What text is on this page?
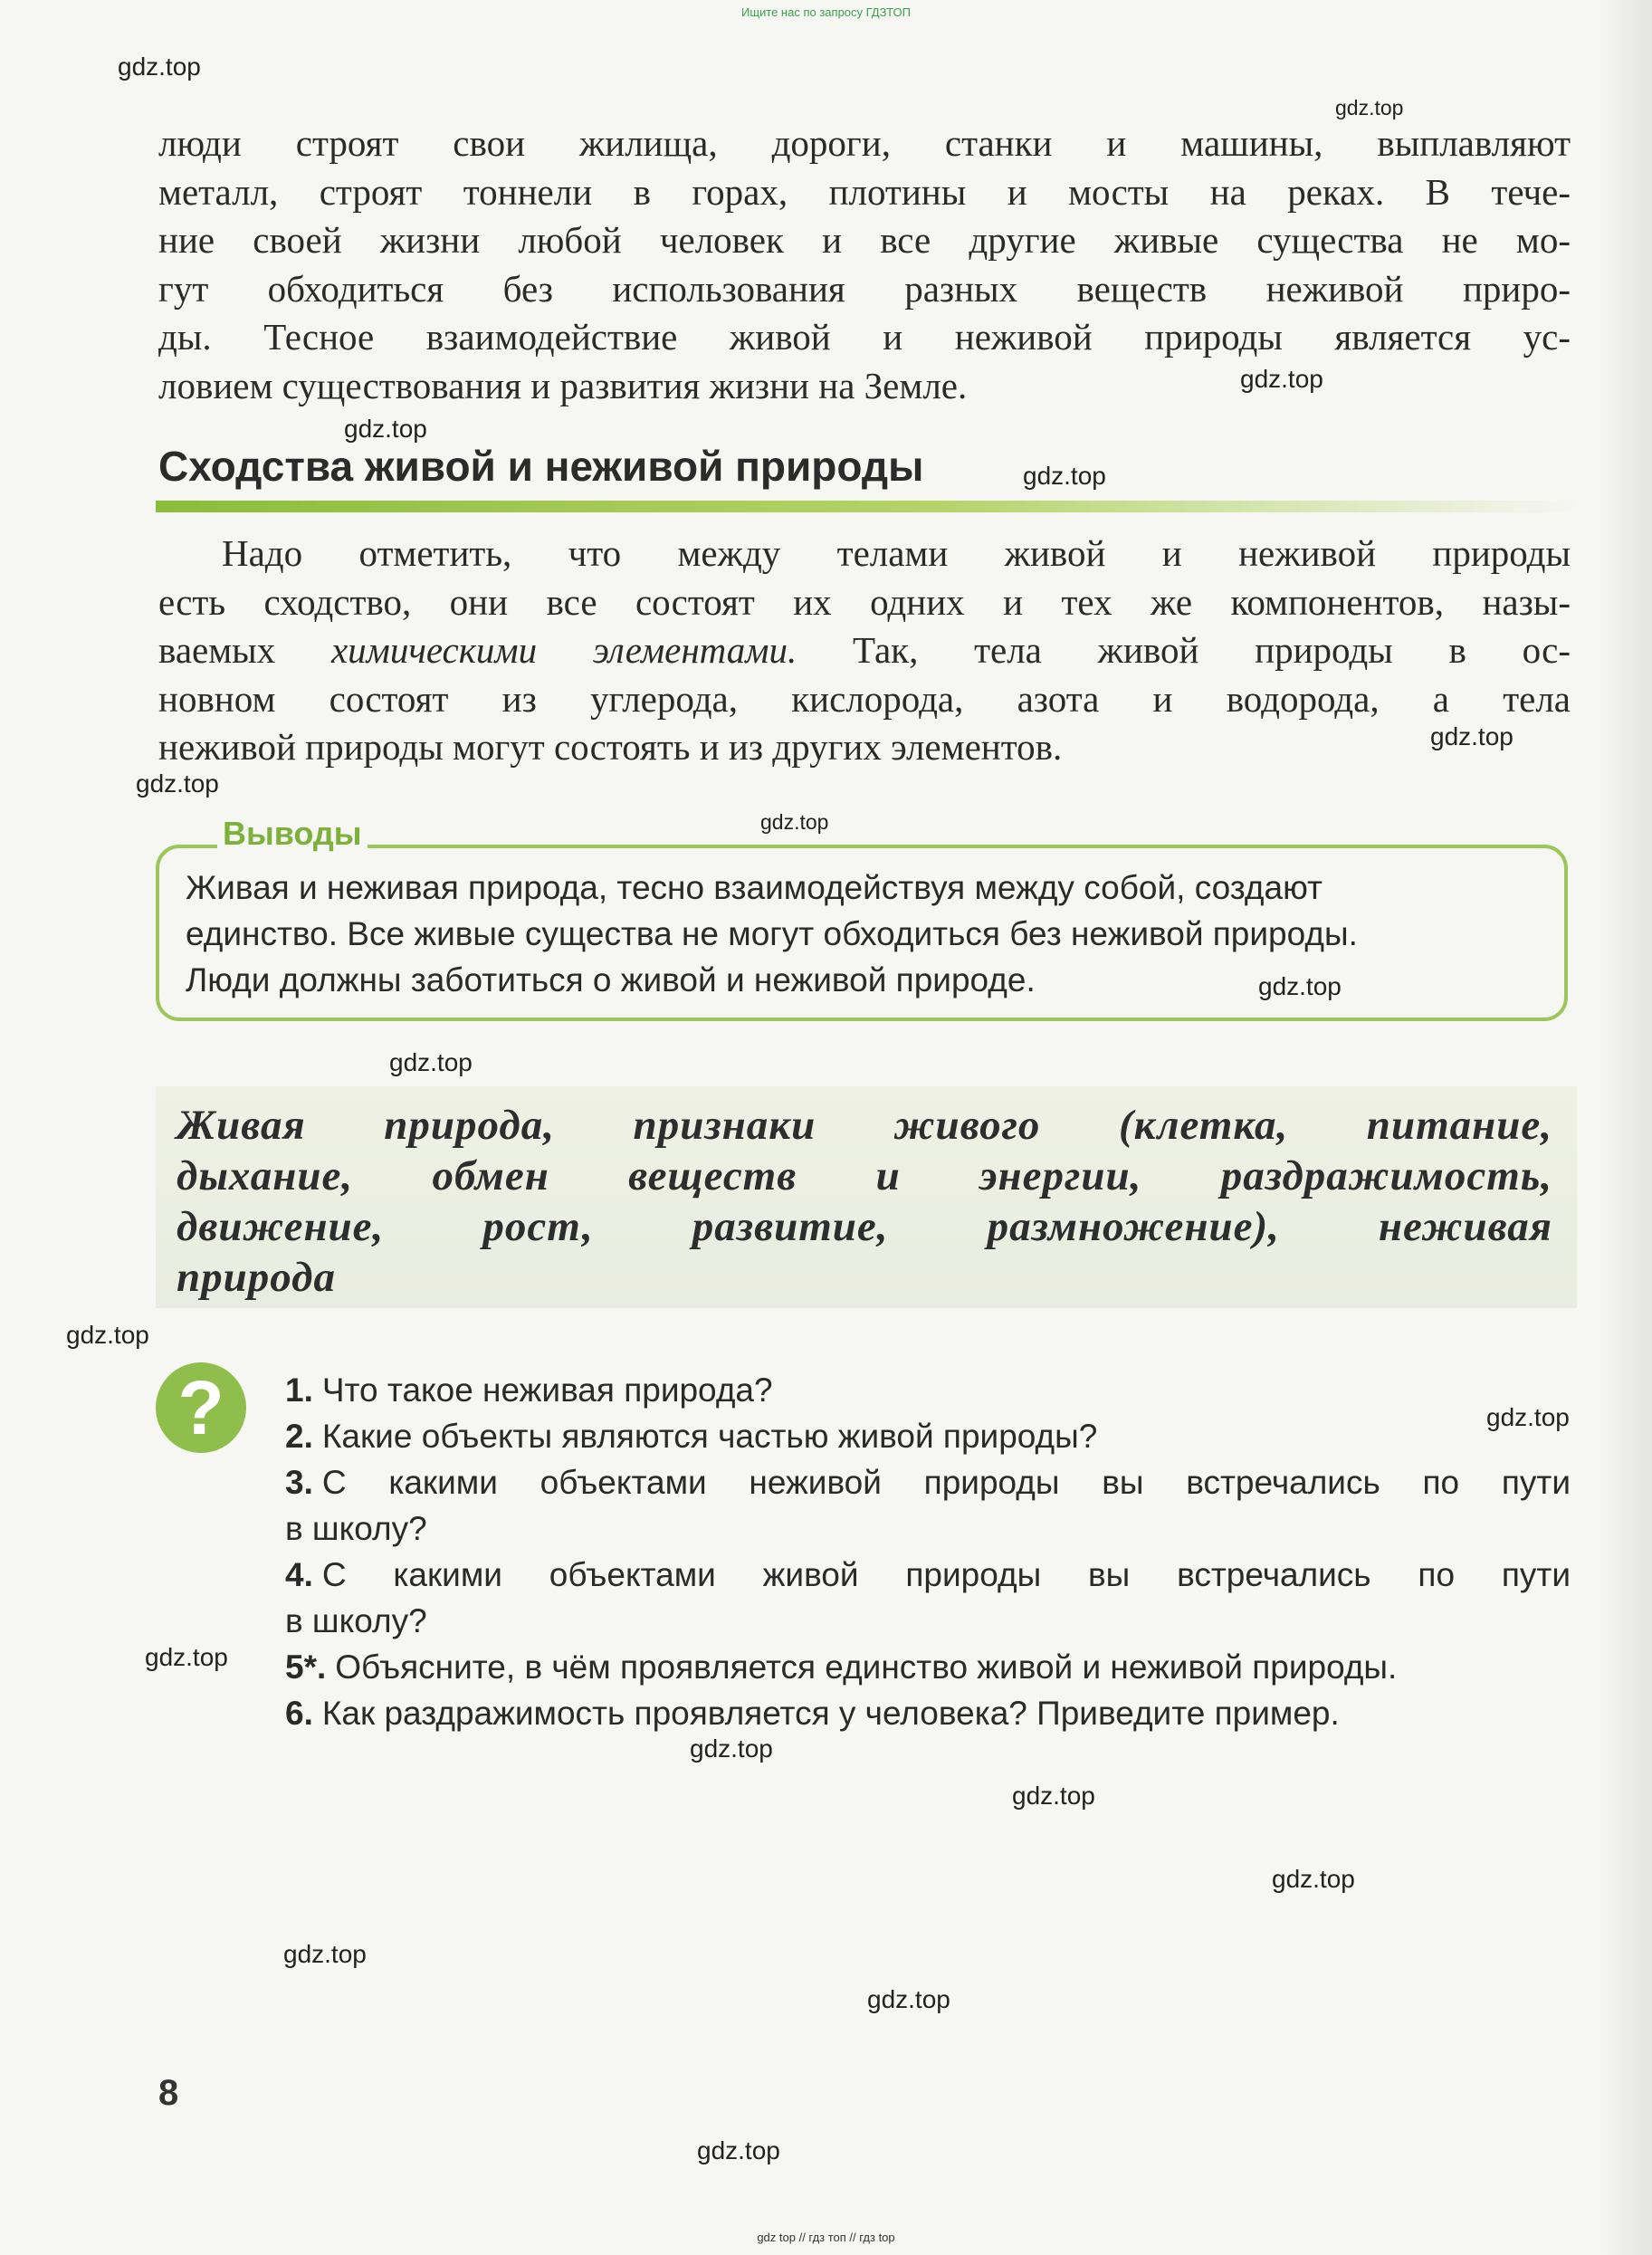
Ищите нас по запросу ГДЗТОП
gdz.top
gdz.top
gdz.top
gdz.top
gdz.top
gdz.top
gdz.top
gdz.top
gdz.top
gdz.top
gdz.top
gdz.top
gdz.top
gdz.top
gdz.top
gdz.top
gdz.top
gdz.top
gdz.top

люди строят свои жилища, дороги, станки и машины, выплавляют
металл, строят тоннели в горах, плотины и мосты на реках. В тече-
ние своей жизни любой человек и все другие живые существа не мо-
гут обходиться без использования разных веществ неживой приро-
ды. Тесное взаимодействие живой и неживой природы является ус-
ловием существования и развития жизни на Земле.

Сходства живой и неживой природы

Надо отметить, что между телами живой и неживой природы
есть сходство, они все состоят их одних и тех же компонентов, назы-
ваемых химическими элементами. Так, тела живой природы в ос-
новном состоят из углерода, кислорода, азота и водорода, а тела
неживой природы могут состоять и из других элементов.

Выводы

Живая и неживая природа, тесно взаимодействуя между собой, создают
единство. Все живые существа не могут обходиться без неживой природы.
Люди должны заботиться о живой и неживой природе.

Живая природа, признаки живого (клетка, питание,
дыхание, обмен веществ и энергии, раздражимость,
движение, рост, развитие, размножение), неживая
природа

?	1. Что такое неживая природа?
2. Какие объекты являются частью живой природы?
3. С какими объектами неживой природы вы встречались по пути
в школу?
4. С какими объектами живой природы вы встречались по пути
в школу?
5*. Объясните, в чём проявляется единство живой и неживой природы.
6. Как раздражимость проявляется у человека? Приведите пример.
8
gdz top // гдз топ // гдз top
